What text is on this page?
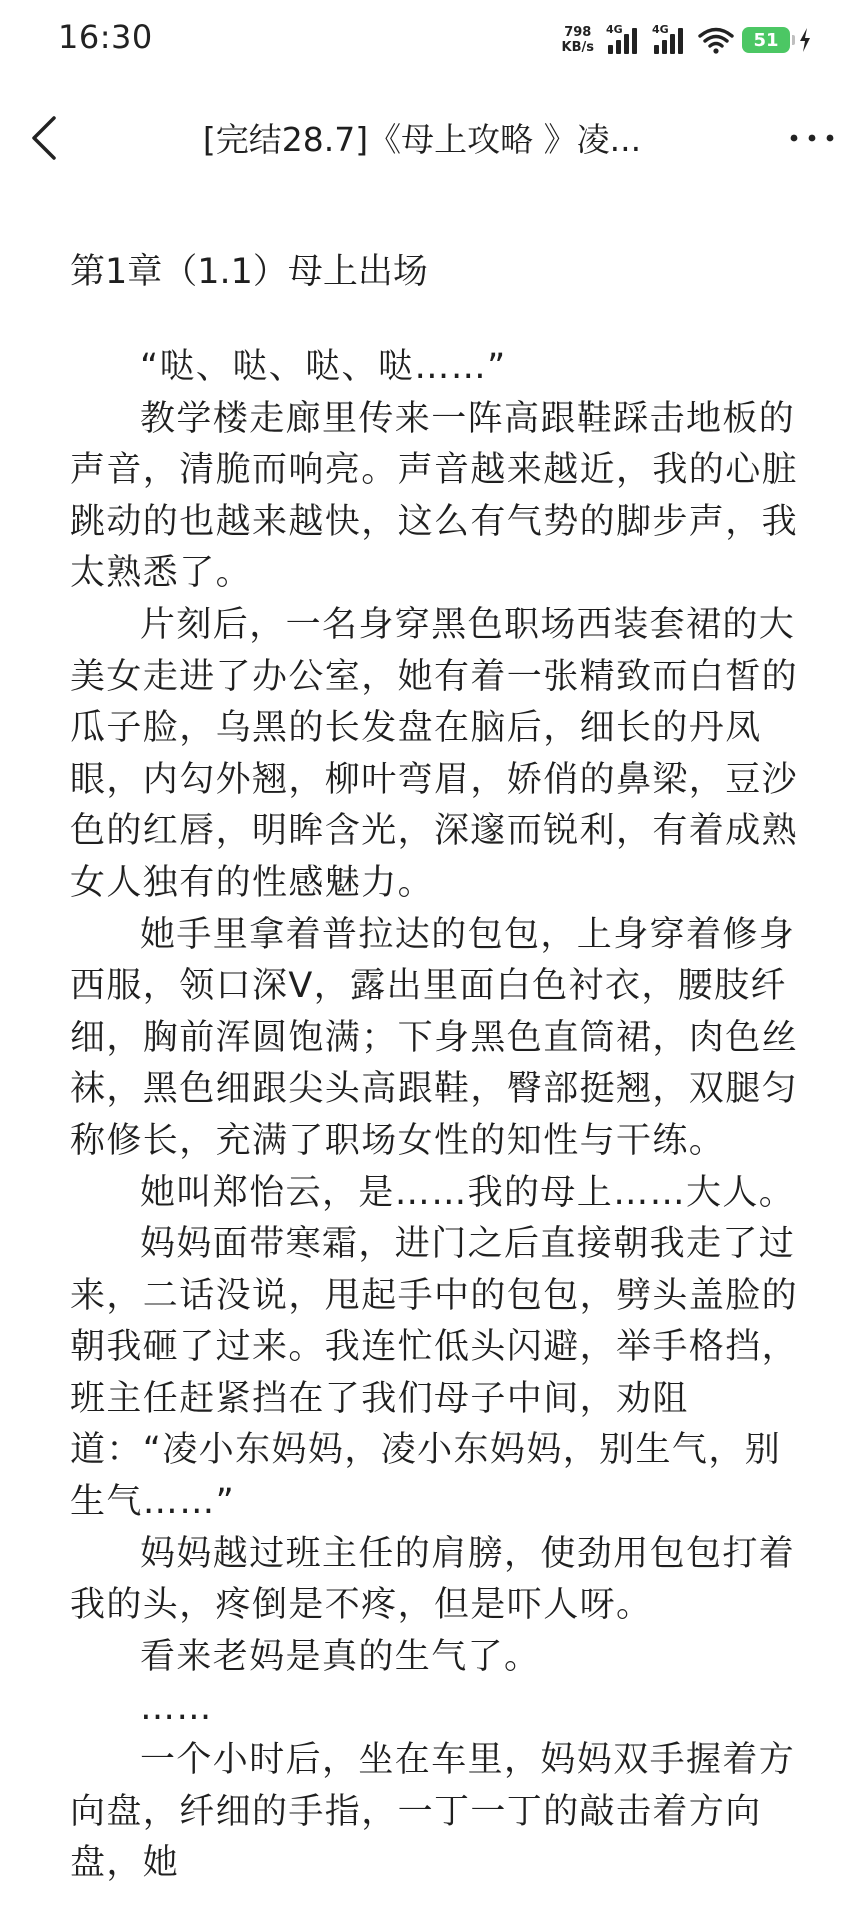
16:30	798
KB/s
4G	4G	51
[完结28.7]《母上攻略 》凌...
第1章（1.1）母上出场

“哒、哒、哒、哒……”

教学楼走廊里传来一阵高跟鞋踩击地板的声音，清脆而响亮。声音越来越近，我的心脏跳动的也越来越快，这么有气势的脚步声，我太熟悉了。

片刻后，一名身穿黑色职场西装套裙的大美女走进了办公室，她有着一张精致而白皙的瓜子脸，乌黑的长发盘在脑后，细长的丹凤眼，内勾外翘，柳叶弯眉，娇俏的鼻梁，豆沙色的红唇，明眸含光，深邃而锐利，有着成熟女人独有的性感魅力。

她手里拿着普拉达的包包，上身穿着修身西服，领口深V，露出里面白色衬衣，腰肢纤细，胸前浑圆饱满；下身黑色直筒裙，肉色丝袜，黑色细跟尖头高跟鞋，臀部挺翘，双腿匀称修长，充满了职场女性的知性与干练。

她叫郑怡云，是……我的母上……大人。

妈妈面带寒霜，进门之后直接朝我走了过来，二话没说，甩起手中的包包，劈头盖脸的朝我砸了过来。我连忙低头闪避，举手格挡，班主任赶紧挡在了我们母子中间，劝阻道：“凌小东妈妈，凌小东妈妈，别生气，别生气……”

妈妈越过班主任的肩膀，使劲用包包打着我的头，疼倒是不疼，但是吓人呀。

看来老妈是真的生气了。

……

一个小时后，坐在车里，妈妈双手握着方向盘，纤细的手指，一丁一丁的敲击着方向盘，她
